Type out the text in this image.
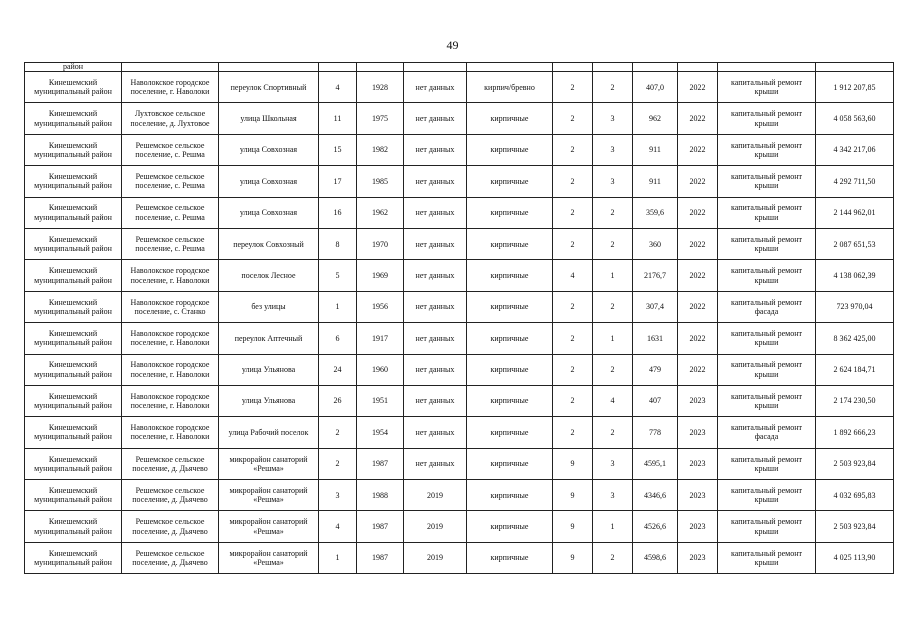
49
район												
Кинешемский муниципальный район	Наволокское городское поселение, г. Наволоки	переулок Спортивный	4	1928	нет данных	кирпич/бревно	2	2	407,0	2022	капитальный ремонт крыши	1 912 207,85
Кинешемский муниципальный район	Лухтовское сельское поселение, д. Лухтовое	улица Школьная	11	1975	нет данных	кирпичные	2	3	962	2022	капитальный ремонт крыши	4 058 563,60
Кинешемский муниципальный район	Решемское сельское поселение, с. Решма	улица Совхозная	15	1982	нет данных	кирпичные	2	3	911	2022	капитальный ремонт крыши	4 342 217,06
Кинешемский муниципальный район	Решемское сельское поселение, с. Решма	улица Совхозная	17	1985	нет данных	кирпичные	2	3	911	2022	капитальный ремонт крыши	4 292 711,50
Кинешемский муниципальный район	Решемское сельское поселение, с. Решма	улица Совхозная	16	1962	нет данных	кирпичные	2	2	359,6	2022	капитальный ремонт крыши	2 144 962,01
Кинешемский муниципальный район	Решемское сельское поселение, с. Решма	переулок Совхозный	8	1970	нет данных	кирпичные	2	2	360	2022	капитальный ремонт крыши	2 087 651,53
Кинешемский муниципальный район	Наволокское городское поселение, г. Наволоки	поселок Лесное	5	1969	нет данных	кирпичные	4	1	2176,7	2022	капитальный ремонт крыши	4 138 062,39
Кинешемский муниципальный район	Наволокское городское поселение, с. Станко	без улицы	1	1956	нет данных	кирпичные	2	2	307,4	2022	капитальный ремонт фасада	723 970,04
Кинешемский муниципальный район	Наволокское городское поселение, г. Наволоки	переулок Аптечный	6	1917	нет данных	кирпичные	2	1	1631	2022	капитальный ремонт крыши	8 362 425,00
Кинешемский муниципальный район	Наволокское городское поселение, г. Наволоки	улица Ульянова	24	1960	нет данных	кирпичные	2	2	479	2022	капитальный ремонт крыши	2 624 184,71
Кинешемский муниципальный район	Наволокское городское поселение, г. Наволоки	улица Ульянова	26	1951	нет данных	кирпичные	2	4	407	2023	капитальный ремонт крыши	2 174 230,50
Кинешемский муниципальный район	Наволокское городское поселение, г. Наволоки	улица Рабочий поселок	2	1954	нет данных	кирпичные	2	2	778	2023	капитальный ремонт фасада	1 892 666,23
Кинешемский муниципальный район	Решемское сельское поселение, д. Дьячево	микрорайон санаторий «Решма»	2	1987	нет данных	кирпичные	9	3	4595,1	2023	капитальный ремонт крыши	2 503 923,84
Кинешемский муниципальный район	Решемское сельское поселение, д. Дьячево	микрорайон санаторий «Решма»	3	1988	2019	кирпичные	9	3	4346,6	2023	капитальный ремонт крыши	4 032 695,83
Кинешемский муниципальный район	Решемское сельское поселение, д. Дьячево	микрорайон санаторий «Решма»	4	1987	2019	кирпичные	9	1	4526,6	2023	капитальный ремонт крыши	2 503 923,84
Кинешемский муниципальный район	Решемское сельское поселение, д. Дьячево	микрорайон санаторий «Решма»	1	1987	2019	кирпичные	9	2	4598,6	2023	капитальный ремонт крыши	4 025 113,90
